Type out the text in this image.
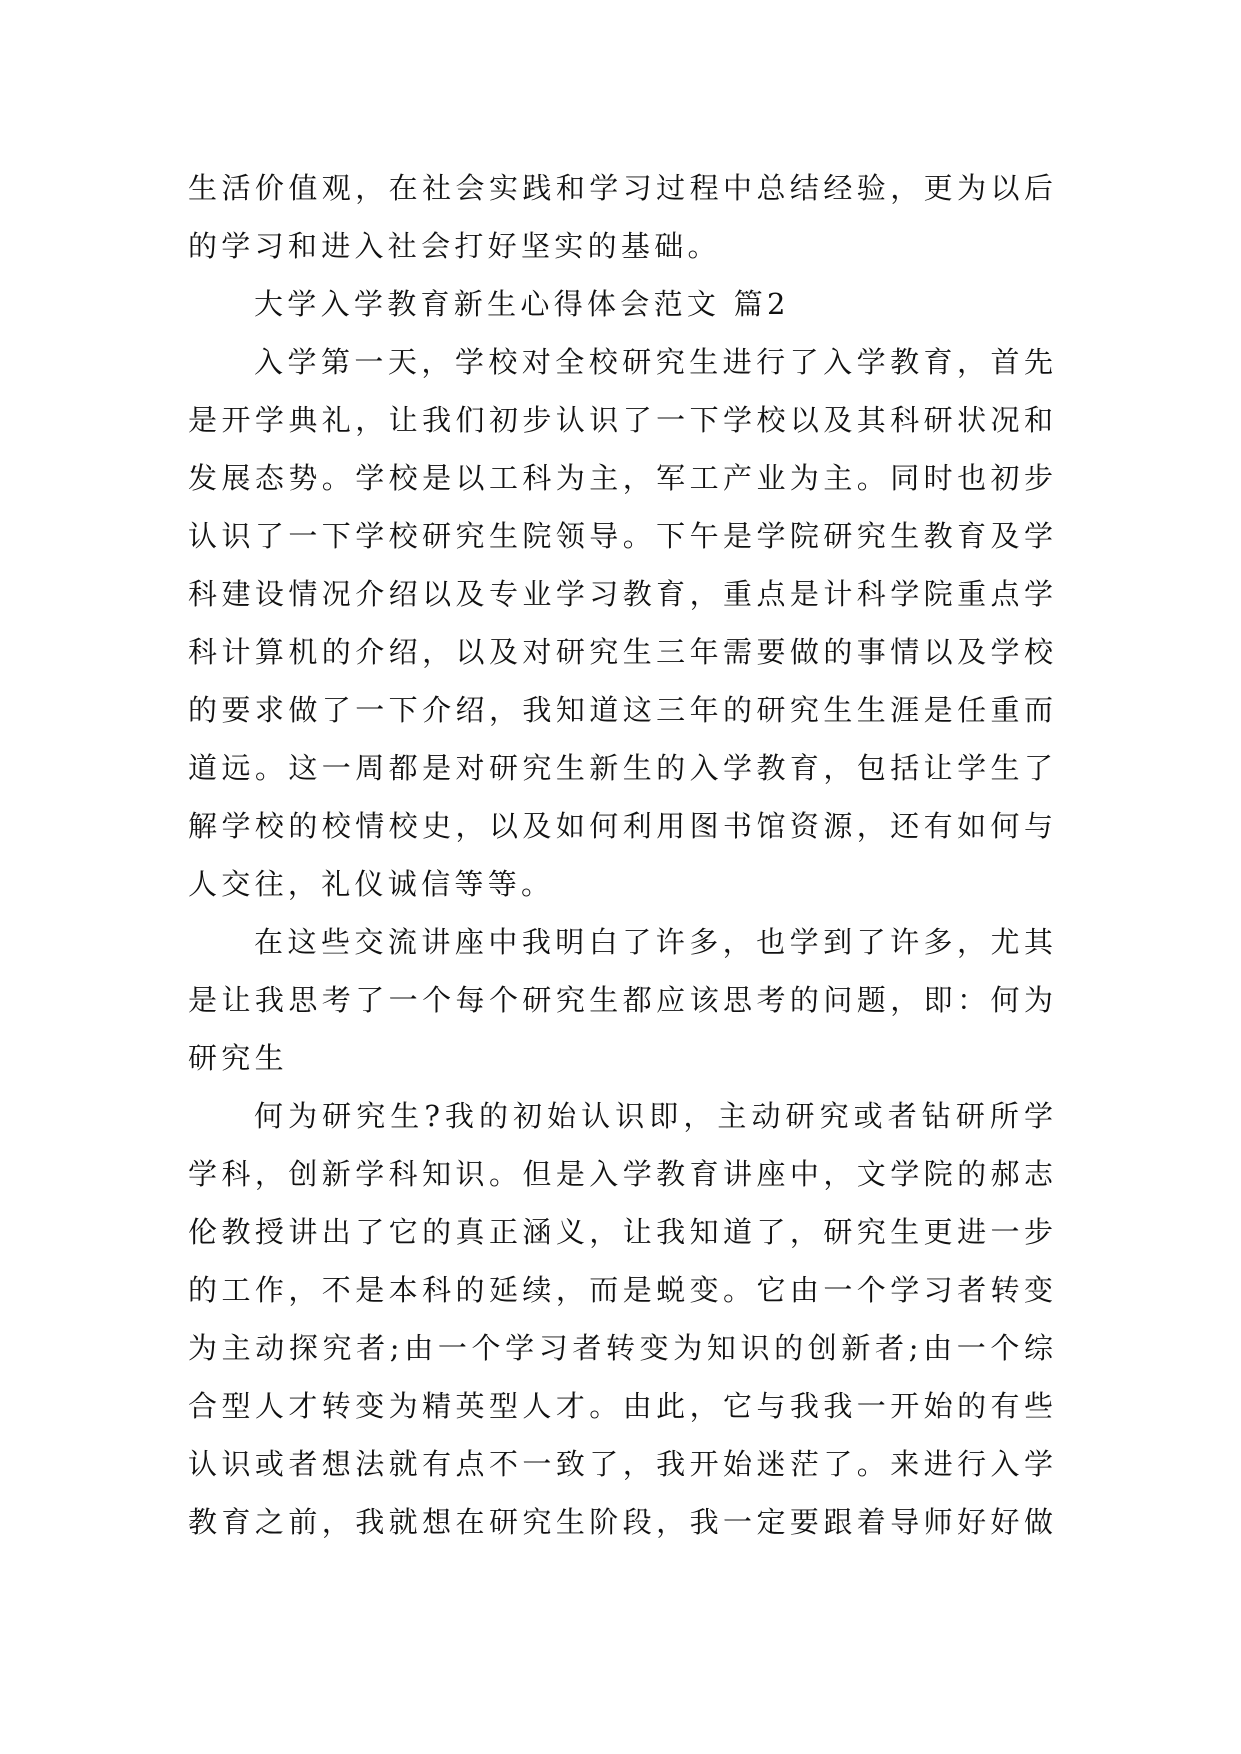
生活价值观，在社会实践和学习过程中总结经验，更为以后
的学习和进入社会打好坚实的基础。
大学入学教育新生心得体会范文 篇2
入学第一天，学校对全校研究生进行了入学教育，首先
是开学典礼，让我们初步认识了一下学校以及其科研状况和
发展态势。学校是以工科为主，军工产业为主。同时也初步
认识了一下学校研究生院领导。下午是学院研究生教育及学
科建设情况介绍以及专业学习教育，重点是计科学院重点学
科计算机的介绍，以及对研究生三年需要做的事情以及学校
的要求做了一下介绍，我知道这三年的研究生生涯是任重而
道远。这一周都是对研究生新生的入学教育，包括让学生了
解学校的校情校史，以及如何利用图书馆资源，还有如何与
人交往，礼仪诚信等等。
在这些交流讲座中我明白了许多，也学到了许多，尤其
是让我思考了一个每个研究生都应该思考的问题，即：何为
研究生
何为研究生?我的初始认识即，主动研究或者钻研所学
学科，创新学科知识。但是入学教育讲座中，文学院的郝志
伦教授讲出了它的真正涵义，让我知道了，研究生更进一步
的工作，不是本科的延续，而是蜕变。它由一个学习者转变
为主动探究者;由一个学习者转变为知识的创新者;由一个综
合型人才转变为精英型人才。由此，它与我我一开始的有些
认识或者想法就有点不一致了，我开始迷茫了。来进行入学
教育之前，我就想在研究生阶段，我一定要跟着导师好好做
